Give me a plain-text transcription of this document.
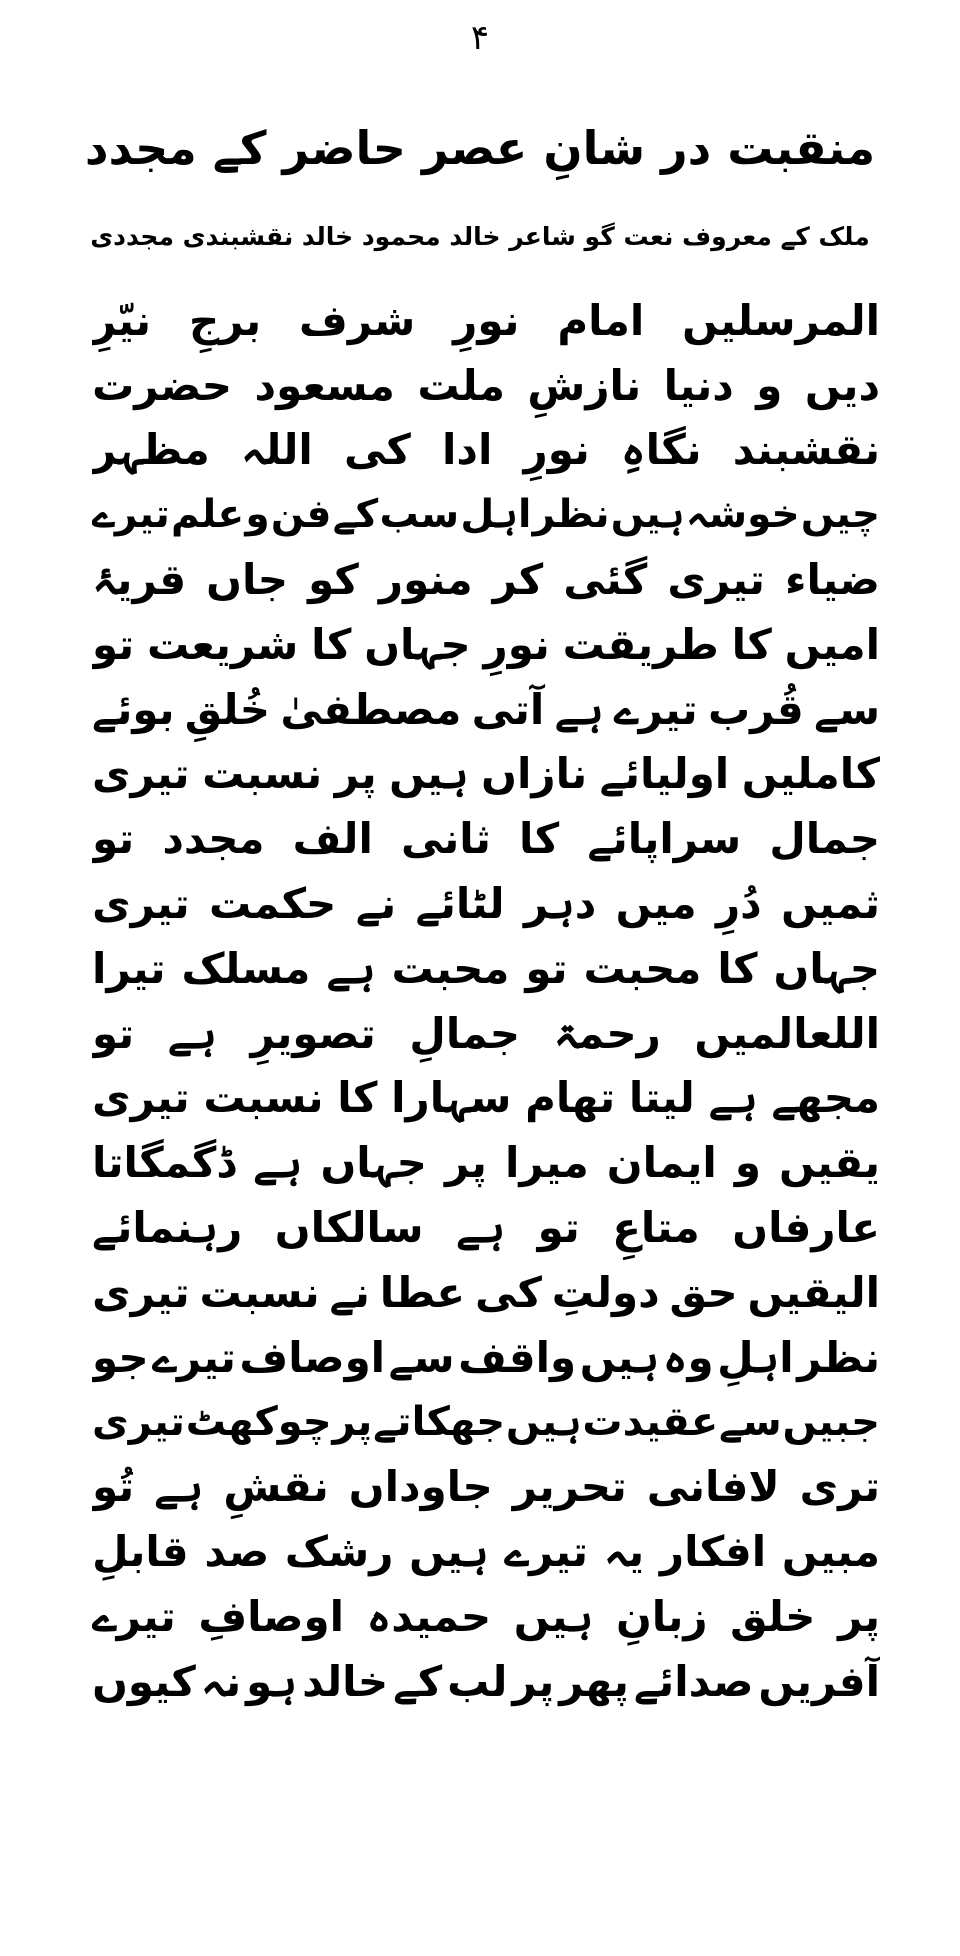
۴
منقبت در شانِ عصر حاضر کے مجدد
ملک کے معروف نعت گو شاعر خالد محمود خالد نقشبندی مجددی
نیّرِ برجِ شرف نورِ امام المرسلیں
حضرت مسعود ملت نازشِ دنیا و دیں
مظہر اللہ کی ادا نورِ نگاہِ نقشبند
تیرے علم و فن کے سب اہل نظر ہیں خوشہ چیں
قریۂ جاں کو منور کر گئی تیری ضیاء
تو شریعت کا جہاں نورِ طریقت کا امیں
بوئے خُلقِ مصطفیٰ آتی ہے تیرے قُرب سے
تیری نسبت پر ہیں نازاں اولیائے کاملیں
تو مجدد الف ثانی کا سراپائے جمال
تیری حکمت نے لٹائے دہر میں دُرِ ثمیں
تیرا مسلک ہے محبت تو محبت کا جہاں
تو ہے تصویرِ جمالِ رحمۃ اللعالمیں
تیری نسبت کا سہارا تھام لیتا ہے مجھے
ڈگمگاتا ہے جہاں پر میرا ایمان و یقیں
رہنمائے سالکاں ہے تو متاعِ عارفاں
تیری نسبت نے عطا کی دولتِ حق الیقیں
جو تیرے اوصاف سے واقف ہیں وہ اہلِ نظر
تیری چوکھٹ پر جھکاتے ہیں عقیدت سے جبیں
تُو ہے نقشِ جاوداں تحریر لافانی تری
قابلِ صد رشک ہیں تیرے یہ افکار مبیں
تیرے اوصافِ حمیدہ ہیں زبانِ خلق پر
کیوں نہ ہو خالد کے لب پر پھر صدائے آفریں
